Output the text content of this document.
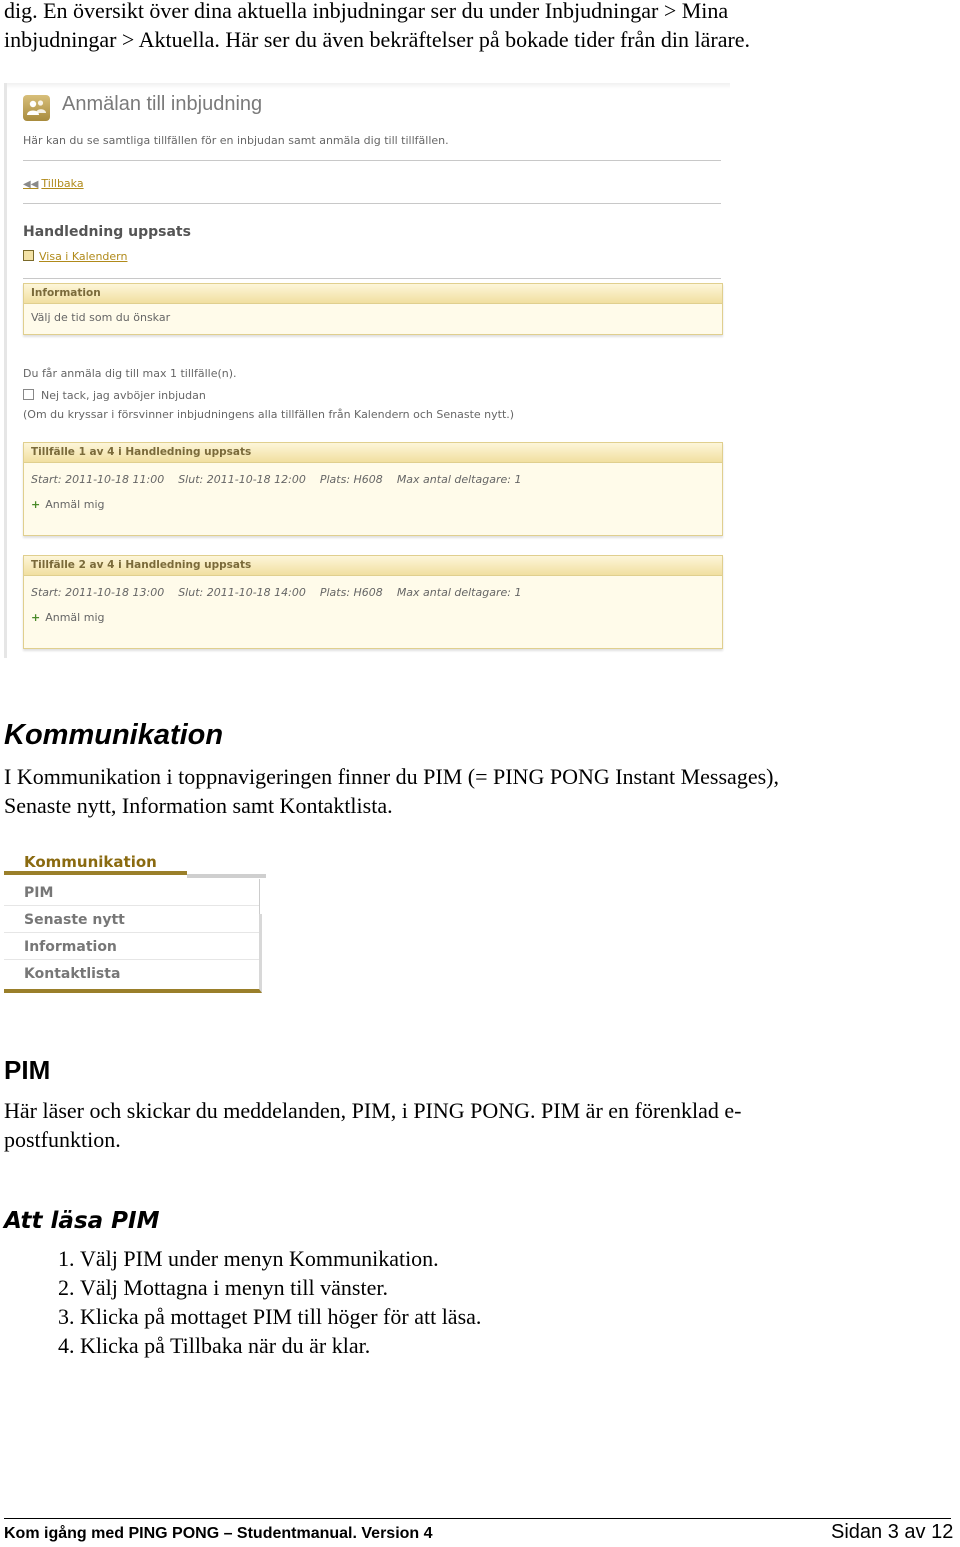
dig. En översikt över dina aktuella inbjudningar ser du under Inbjudningar > Mina
inbjudningar > Aktuella. Här ser du även bekräftelser på bokade tider från din lärare.
Anmälan till inbjudning
Här kan du se samtliga tillfällen för en inbjudan samt anmäla dig till tillfällen.
◀◀ Tillbaka
Handledning uppsats
Visa i Kalendern
Information
Välj de tid som du önskar
Du får anmäla dig till max 1 tillfälle(n).
Nej tack, jag avböjer inbjudan
(Om du kryssar i försvinner inbjudningens alla tillfällen från Kalendern och Senaste nytt.)
Tillfälle 1 av 4 i Handledning uppsats
Start: 2011-10-18 11:00 Slut: 2011-10-18 12:00 Plats: H608 Max antal deltagare: 1
+ Anmäl mig
Tillfälle 2 av 4 i Handledning uppsats
Start: 2011-10-18 13:00 Slut: 2011-10-18 14:00 Plats: H608 Max antal deltagare: 1
+ Anmäl mig
Kommunikation
I Kommunikation i toppnavigeringen finner du PIM (= PING PONG Instant Messages),
Senaste nytt, Information samt Kontaktlista.
Kommunikation
PIM
Senaste nytt
Information
Kontaktlista
PIM
Här läser och skickar du meddelanden, PIM, i PING PONG. PIM är en förenklad e-
postfunktion.
Att läsa PIM
1. Välj PIM under menyn Kommunikation.
2. Välj Mottagna i menyn till vänster.
3. Klicka på mottaget PIM till höger för att läsa.
4. Klicka på Tillbaka när du är klar.
Kom igång med PING PONG – Studentmanual. Version 4	Sidan 3 av 12
